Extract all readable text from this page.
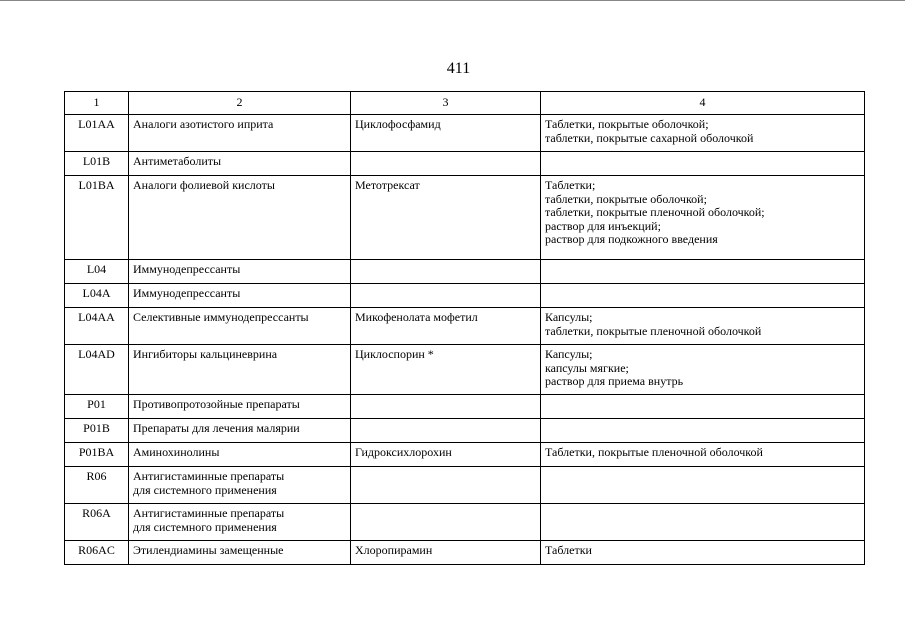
411
1	2	3	4
L01AA	Аналоги азотистого иприта	Циклофосфамид	Таблетки, покрытые оболочкой;
таблетки, покрытые сахарной оболочкой
L01B	Антиметаболиты		
L01BA	Аналоги фолиевой кислоты	Метотрексат	Таблетки;
таблетки, покрытые оболочкой;
таблетки, покрытые пленочной оболочкой;
раствор для инъекций;
раствор для подкожного введения
L04	Иммунодепрессанты		
L04A	Иммунодепрессанты		
L04AA	Селективные иммунодепрессанты	Микофенолата мофетил	Капсулы;
таблетки, покрытые пленочной оболочкой
L04AD	Ингибиторы кальциневрина	Циклоспорин *	Капсулы;
капсулы мягкие;
раствор для приема внутрь
P01	Противопротозойные препараты		
P01B	Препараты для лечения малярии		
P01BA	Аминохинолины	Гидроксихлорохин	Таблетки, покрытые пленочной оболочкой
R06	Антигистаминные препараты
для системного применения		
R06A	Антигистаминные препараты
для системного применения		
R06AC	Этилендиамины замещенные	Хлоропирамин	Таблетки
